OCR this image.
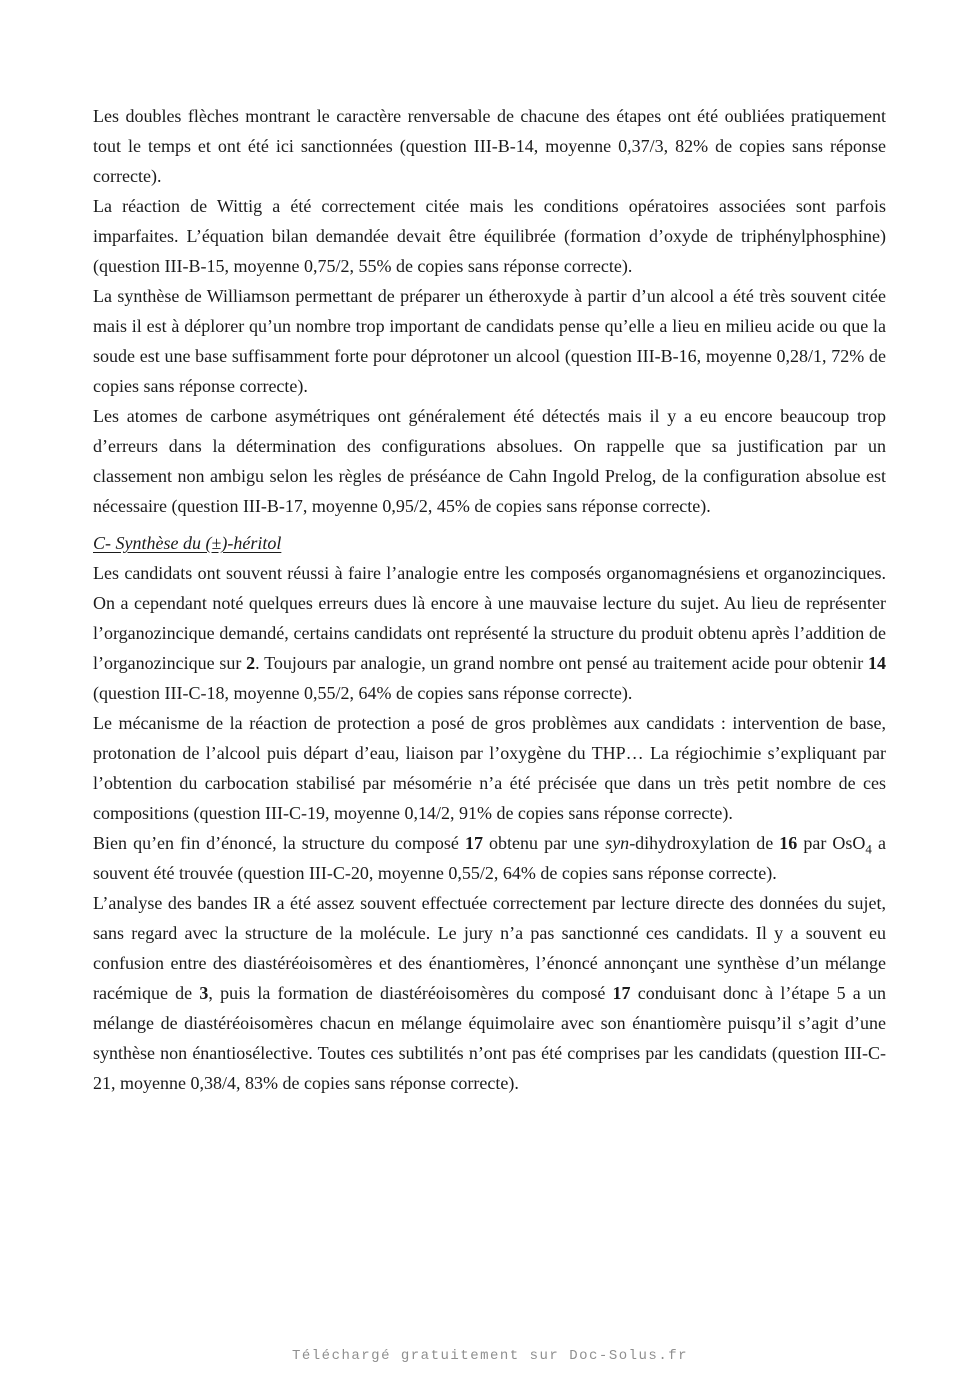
Les doubles flèches montrant le caractère renversable de chacune des étapes ont été oubliées pratiquement tout le temps et ont été ici sanctionnées (question III-B-14, moyenne 0,37/3, 82% de copies sans réponse correcte).

La réaction de Wittig a été correctement citée mais les conditions opératoires associées sont parfois imparfaites. L’équation bilan demandée devait être équilibrée (formation d’oxyde de triphénylphosphine) (question III-B-15, moyenne 0,75/2, 55% de copies sans réponse correcte).

La synthèse de Williamson permettant de préparer un étheroxyde à partir d’un alcool a été très souvent citée mais il est à déplorer qu’un nombre trop important de candidats pense qu’elle a lieu en milieu acide ou que la soude est une base suffisamment forte pour déprotoner un alcool (question III-B-16, moyenne 0,28/1, 72% de copies sans réponse correcte).

Les atomes de carbone asymétriques ont généralement été détectés mais il y a eu encore beaucoup trop d’erreurs dans la détermination des configurations absolues. On rappelle que sa justification par un classement non ambigu selon les règles de préséance de Cahn Ingold Prelog, de la configuration absolue est nécessaire (question III-B-17, moyenne 0,95/2, 45% de copies sans réponse correcte).

C- Synthèse du (±)-héritol

Les candidats ont souvent réussi à faire l’analogie entre les composés organomagnésiens et organozinciques. On a cependant noté quelques erreurs dues là encore à une mauvaise lecture du sujet. Au lieu de représenter l’organozincique demandé, certains candidats ont représenté la structure du produit obtenu après l’addition de l’organozincique sur 2. Toujours par analogie, un grand nombre ont pensé au traitement acide pour obtenir 14 (question III-C-18, moyenne 0,55/2, 64% de copies sans réponse correcte).

Le mécanisme de la réaction de protection a posé de gros problèmes aux candidats : intervention de base, protonation de l’alcool puis départ d’eau, liaison par l’oxygène du THP… La régiochimie s’expliquant par l’obtention du carbocation stabilisé par mésomérie n’a été précisée que dans un très petit nombre de ces compositions (question III-C-19, moyenne 0,14/2, 91% de copies sans réponse correcte).

Bien qu’en fin d’énoncé, la structure du composé 17 obtenu par une syn-dihydroxylation de 16 par OsO$_4$ a souvent été trouvée (question III-C-20, moyenne 0,55/2, 64% de copies sans réponse correcte).

L’analyse des bandes IR a été assez souvent effectuée correctement par lecture directe des données du sujet, sans regard avec la structure de la molécule. Le jury n’a pas sanctionné ces candidats. Il y a souvent eu confusion entre des diastéréoisomères et des énantiomères, l’énoncé annonçant une synthèse d’un mélange racémique de 3, puis la formation de diastéréoisomères du composé 17 conduisant donc à l’étape 5 a un mélange de diastéréoisomères chacun en mélange équimolaire avec son énantiomère puisqu’il s’agit d’une synthèse non énantiosélective. Toutes ces subtilités n’ont pas été comprises par les candidats (question III-C-21, moyenne 0,38/4, 83% de copies sans réponse correcte).

Téléchargé gratuitement sur Doc-Solus.fr
